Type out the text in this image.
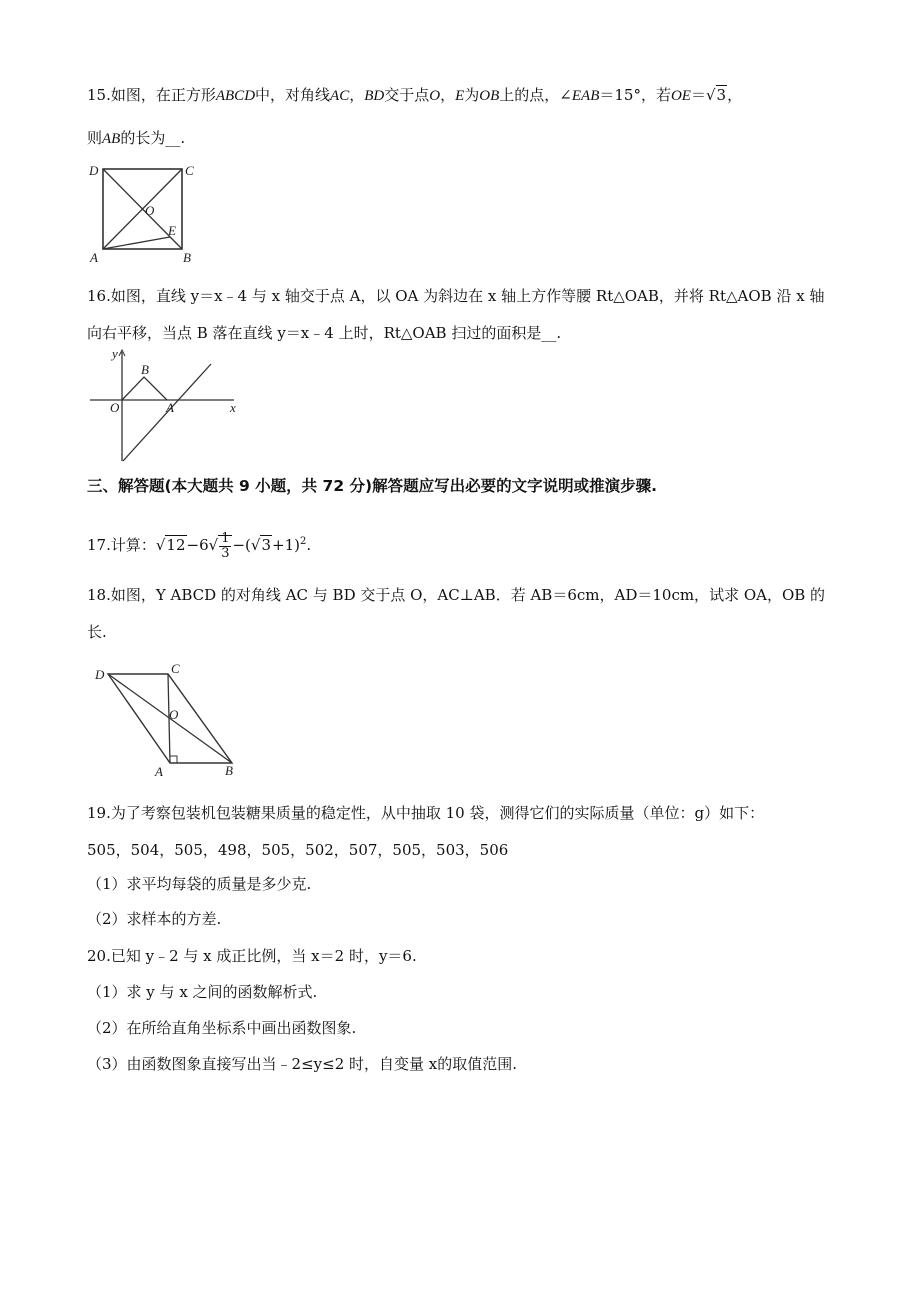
15.如图，在正方形ABCD中，对角线AC，BD交于点O，E为OB上的点，∠EAB＝15°，若OE＝√3，
则AB的长为__.
D	C
O
E
A	B
16.如图，直线 y＝x﹣4 与 x 轴交于点 A，以 OA 为斜边在 x 轴上方作等腰 Rt△OAB，并将 Rt△AOB 沿 x 轴
向右平移，当点 B 落在直线 y＝x﹣4 上时，Rt△OAB 扫过的面积是__.
y
B
O	A	x
三、解答题(本大题共 9 小题，共 72 分)解答题应写出必要的文字说明或推演步骤.
17.计算：$√12-6√ \frac{1}{3} -(√3+1)^2$.
18.如图，Y ABCD 的对角线 AC 与 BD 交于点 O，AC⊥AB．若 AB＝6cm，AD＝10cm，试求 OA，OB 的
长.
D	C
O
A	B
19.为了考察包装机包装糖果质量的稳定性，从中抽取 10 袋，测得它们的实际质量（单位：g）如下：
505，504，505，498，505，502，507，505，503，506
（1）求平均每袋的质量是多少克.
（2）求样本的方差.
20.已知 y﹣2 与 x 成正比例，当 x＝2 时，y＝6.
（1）求 y 与 x 之间的函数解析式.
（2）在所给直角坐标系中画出函数图象.
（3）由函数图象直接写出当﹣2≤y≤2 时，自变量 x的取值范围.
